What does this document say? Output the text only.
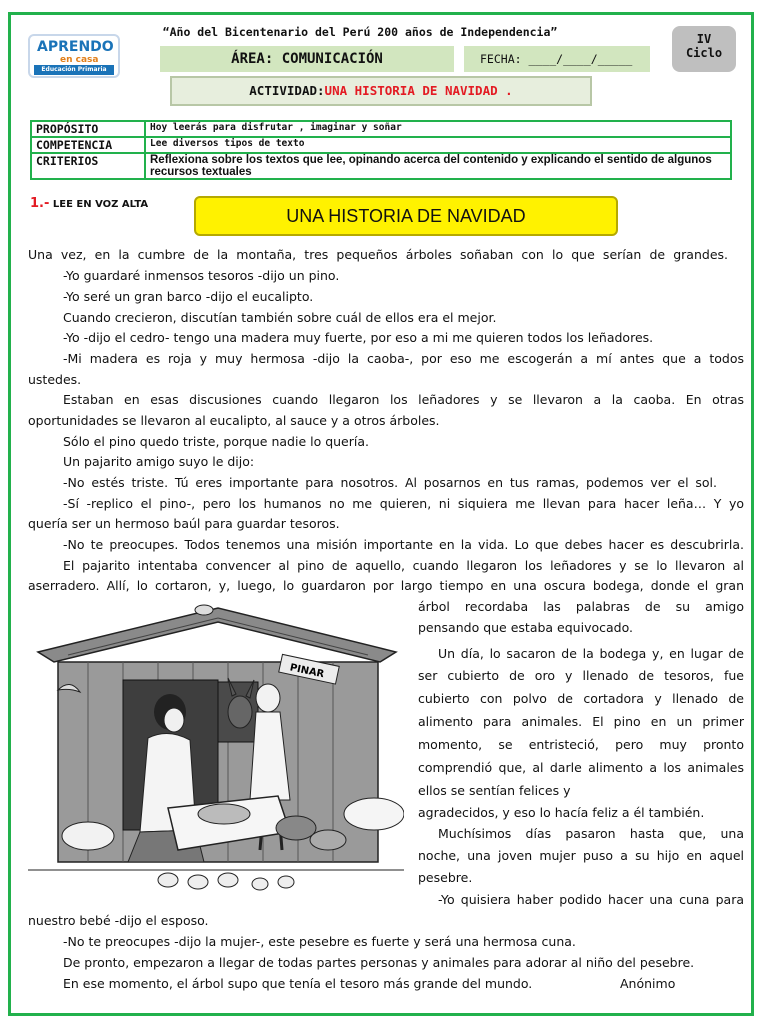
APRENDO
en casa
Educación Primaria
“Año del Bicentenario del Perú 200 años de Independencia”
ÁREA: COMUNICACIÓN	FECHA: ____/____/_____
IV
Ciclo
ACTIVIDAD:UNA HISTORIA DE NAVIDAD .
PROPÓSITO	Hoy leerás para disfrutar , imaginar y soñar
COMPETENCIA	Lee diversos tipos de texto
CRITERIOS	Reflexiona sobre los textos que lee, opinando acerca del contenido y explicando el sentido de algunos recursos textuales
1.- LEE EN VOZ ALTA
UNA HISTORIA DE NAVIDAD
Una vez, en la cumbre de la montaña, tres pequeños árboles soñaban con lo que serían de grandes.
-Yo guardaré inmensos tesoros -dijo un pino.
-Yo seré un gran barco -dijo el eucalipto.
Cuando crecieron, discutían también sobre cuál de ellos era el mejor.
-Yo -dijo el cedro- tengo una madera muy fuerte, por eso a mi me quieren todos los leñadores.
-Mi madera es roja y muy hermosa -dijo la caoba-, por eso me escogerán a mí antes que a todos
ustedes.
Estaban en esas discusiones cuando llegaron los leñadores y se llevaron a la caoba. En otras
oportunidades se llevaron al eucalipto, al sauce y a otros árboles.
Sólo el pino quedo triste, porque nadie lo quería.
Un pajarito amigo suyo le dijo:
-No estés triste. Tú eres importante para nosotros. Al posarnos en tus ramas, podemos ver el sol.
-Sí -replico el pino-, pero los humanos no me quieren, ni siquiera me llevan para hacer leña… Y yo
quería ser un hermoso baúl para guardar tesoros.
-No te preocupes. Todos tenemos una misión importante en la vida. Lo que debes hacer es descubrirla.
El pajarito intentaba convencer al pino de aquello, cuando llegaron los leñadores y se lo llevaron al
aserradero. Allí, lo cortaron, y, luego, lo guardaron por largo tiempo en una oscura bodega, donde el gran
árbol recordaba las palabras de su amigo
pensando que estaba equivocado.
Un día, lo sacaron de la bodega y, en lugar de
ser cubierto de oro y llenado de tesoros, fue
cubierto con polvo de cortadora y llenado de
alimento para animales. El pino en un primer
momento, se entristeció, pero muy pronto
comprendió que, al darle alimento a los animales
ellos se sentían felices y
agradecidos, y eso lo hacía feliz a él también.
Muchísimos días pasaron hasta que, una
noche, una joven mujer puso a su hijo en aquel
pesebre.
-Yo quisiera haber podido hacer una cuna para
nuestro bebé -dijo el esposo.
-No te preocupes -dijo la mujer-, este pesebre es fuerte y será una hermosa cuna.
De pronto, empezaron a llegar de todas partes personas y animales para adorar al niño del pesebre.
En ese momento, el árbol supo que tenía el tesoro más grande del mundo.	Anónimo
PINAR
